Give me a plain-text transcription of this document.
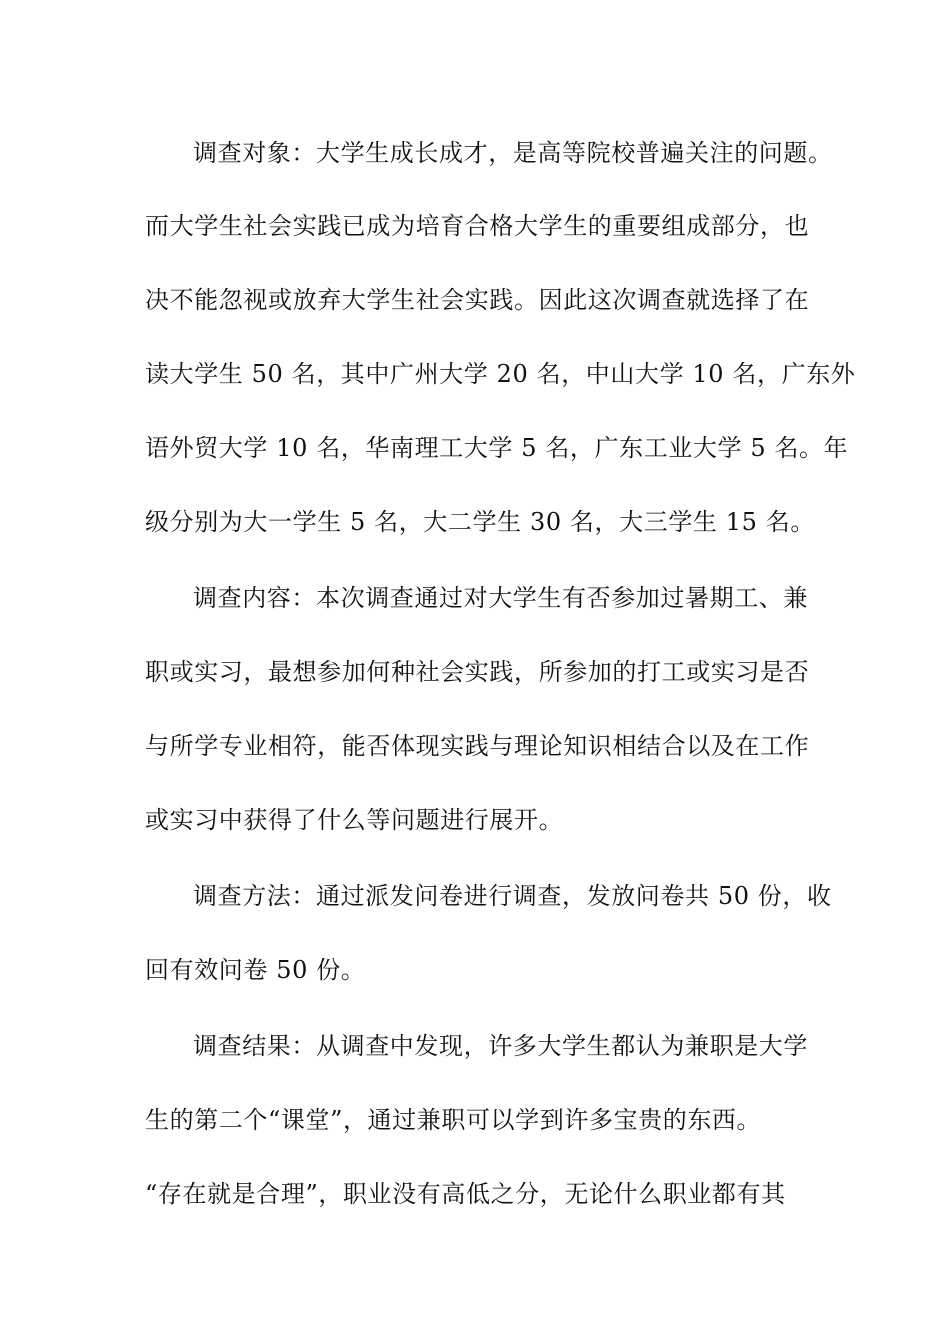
调查对象：大学生成长成才，是高等院校普遍关注的问题。
而大学生社会实践已成为培育合格大学生的重要组成部分，也
决不能忽视或放弃大学生社会实践。因此这次调查就选择了在
读大学生 50 名，其中广州大学 20 名，中山大学 10 名，广东外
语外贸大学 10 名，华南理工大学 5 名，广东工业大学 5 名。年
级分别为大一学生 5 名，大二学生 30 名，大三学生 15 名。
调查内容：本次调查通过对大学生有否参加过暑期工、兼
职或实习，最想参加何种社会实践，所参加的打工或实习是否
与所学专业相符，能否体现实践与理论知识相结合以及在工作
或实习中获得了什么等问题进行展开。
调查方法：通过派发问卷进行调查，发放问卷共 50 份，收
回有效问卷 50 份。
调查结果：从调查中发现，许多大学生都认为兼职是大学
生的第二个“课堂”，通过兼职可以学到许多宝贵的东西。
“存在就是合理”，职业没有高低之分，无论什么职业都有其
